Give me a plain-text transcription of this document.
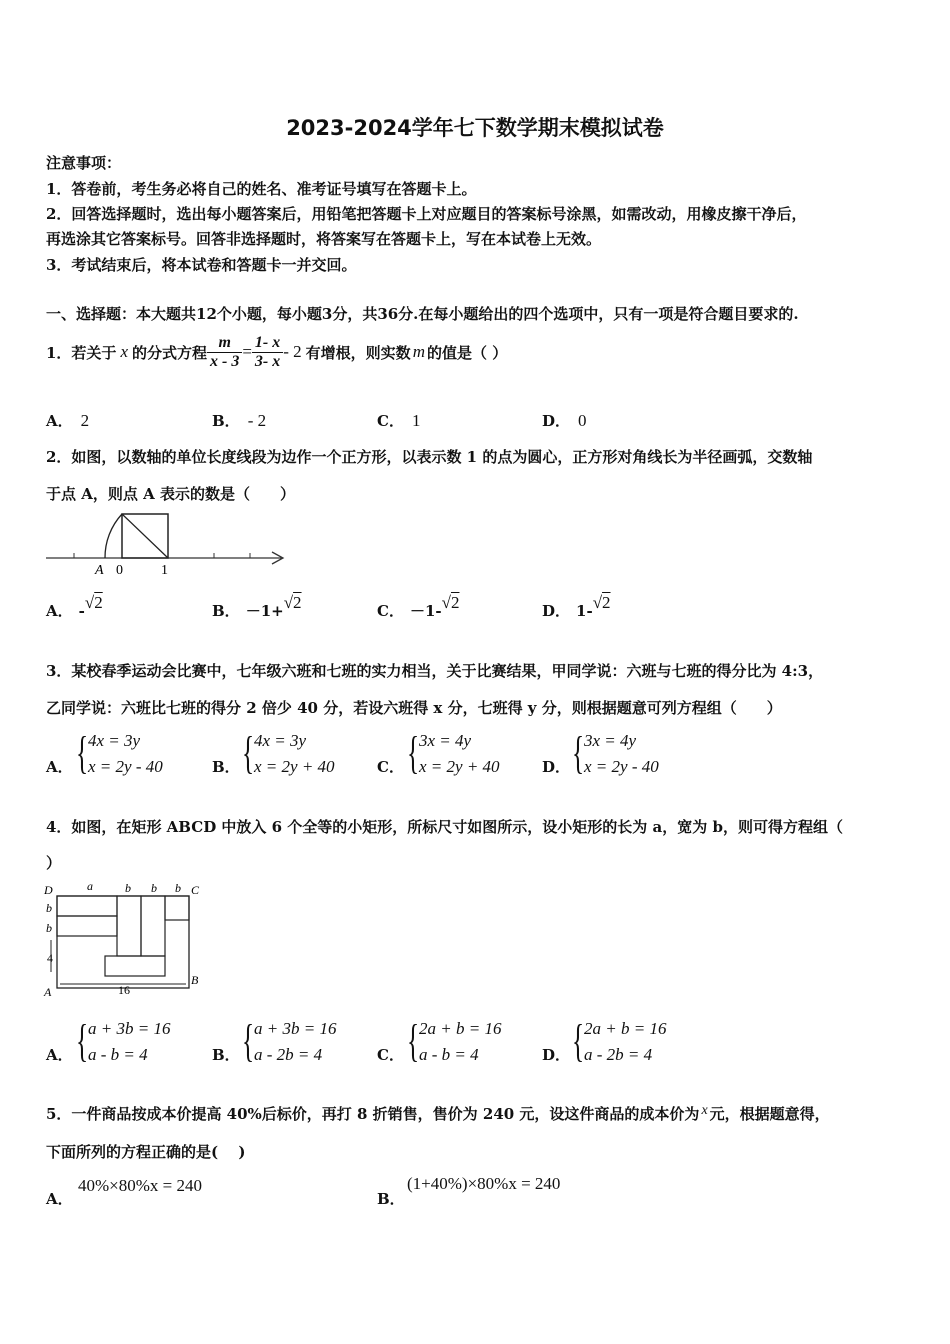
2023-2024学年七下数学期末模拟试卷
注意事项：
1．答卷前，考生务必将自己的姓名、准考证号填写在答题卡上。
2．回答选择题时，选出每小题答案后，用铅笔把答题卡上对应题目的答案标号涂黑，如需改动，用橡皮擦干净后，
再选涂其它答案标号。回答非选择题时，将答案写在答题卡上，写在本试卷上无效。
3．考试结束后，将本试卷和答题卡一并交回。
一、选择题：本大题共12个小题，每小题3分，共36分.在每小题给出的四个选项中，只有一项是符合题目要求的.
1．若关于 x 的分式方程 $\frac{m}{x - 3} = \frac{1- x}{3- x} - 2$ 有增根，则实数 m 的值是（ ）
A． 2	B． - 2	C． 1	D． 0
2．如图，以数轴的单位长度线段为边作一个正方形，以表示数 1 的点为圆心，正方形对角线长为半径画弧，交数轴
于点 A，则点 A 表示的数是（　　）
A 0	1
A． -√2	B． －1+√2	C． －1-√2	D． 1-√2
3．某校春季运动会比赛中，七年级六班和七班的实力相当，关于比赛结果，甲同学说：六班与七班的得分比为 4:3，
乙同学说：六班比七班的得分 2 倍少 40 分，若设六班得 x 分，七班得 y 分，则根据题意可列方程组（　　）
A． { 4x = 3y
x = 2y - 40	B． { 4x = 3y
x = 2y + 40	C． { 3x = 4y
x = 2y + 40	D． { 3x = 4y
x = 2y - 40
4．如图，在矩形 ABCD 中放入 6 个全等的小矩形，所标尺寸如图所示，设小矩形的长为 a，宽为 b，则可得方程组（
）
D	C
A
B
a	b b b
b
b
4
16
A． { a + 3b = 16
a - b = 4	B． { a + 3b = 16
a - 2b = 4	C． { 2a + b = 16
a - b = 4	D． { 2a + b = 16
a - 2b = 4
5．一件商品按成本价提高 40%后标价，再打 8 折销售，售价为 240 元，设这件商品的成本价为 x 元，根据题意得，
下面所列的方程正确的是(　 )
A．
40%×80%x = 240
B．
(1+40%)×80%x = 240
